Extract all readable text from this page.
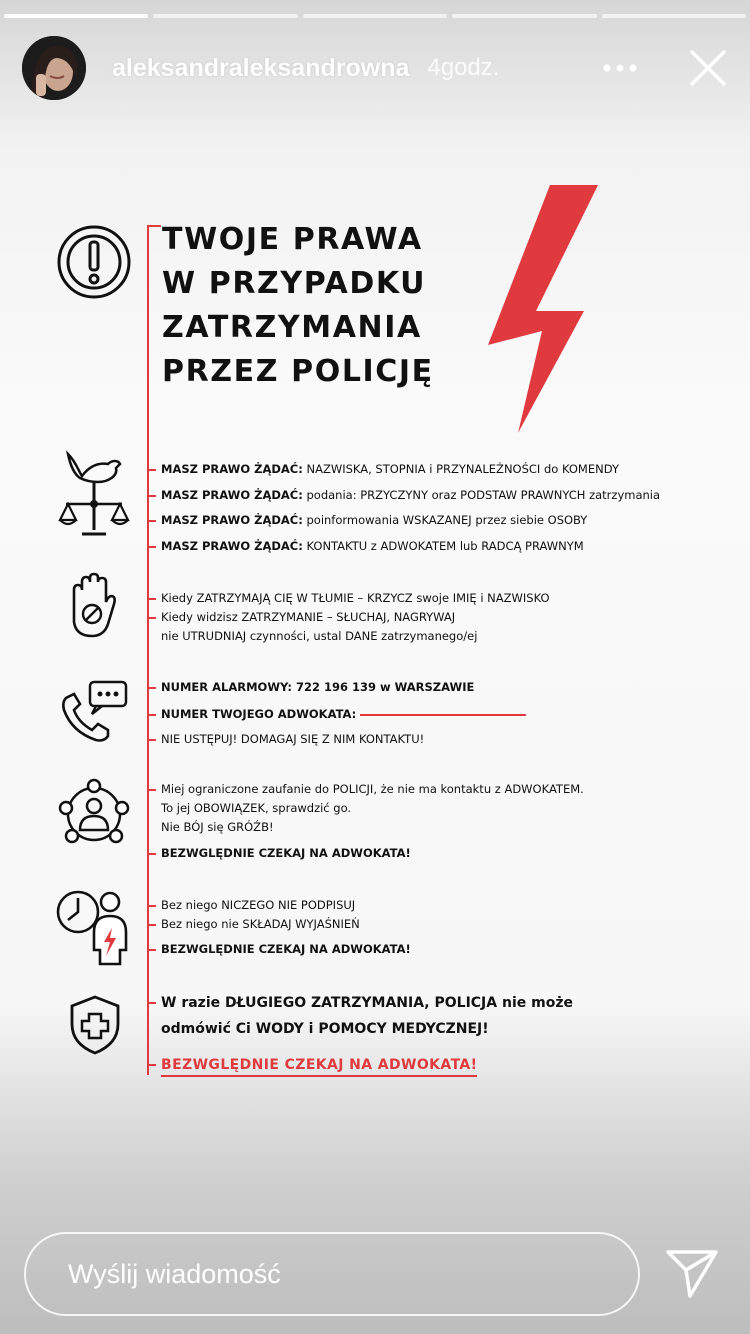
aleksandraleksandrowna 4godz.
TWOJE PRAWA
W PRZYPADKU
ZATRZYMANIA
PRZEZ POLICJĘ
MASZ PRAWO ŻĄDAĆ: NAZWISKA, STOPNIA i PRZYNALEŻNOŚCI do KOMENDY
MASZ PRAWO ŻĄDAĆ: podania: PRZYCZYNY oraz PODSTAW PRAWNYCH zatrzymania
MASZ PRAWO ŻĄDAĆ: poinformowania WSKAZANEJ przez siebie OSOBY
MASZ PRAWO ŻĄDAĆ: KONTAKTU z ADWOKATEM lub RADCĄ PRAWNYM
Kiedy ZATRZYMAJĄ CIĘ W TŁUMIE – KRZYCZ swoje IMIĘ i NAZWISKO
Kiedy widzisz ZATRZYMANIE – SŁUCHAJ, NAGRYWAJ
nie UTRUDNIAJ czynności, ustal DANE zatrzymanego/ej
NUMER ALARMOWY: 722 196 139 w WARSZAWIE
NUMER TWOJEGO ADWOKATA:
NIE USTĘPUJ! DOMAGAJ SIĘ Z NIM KONTAKTU!
Miej ograniczone zaufanie do POLICJI, że nie ma kontaktu z ADWOKATEM.
To jej OBOWIĄZEK, sprawdzić go.
Nie BÓJ się GRÓŹB!
BEZWGLĘDNIE CZEKAJ NA ADWOKATA!
Bez niego NICZEGO NIE PODPISUJ
Bez niego nie SKŁADAJ WYJAŚNIEŃ
BEZWGLĘDNIE CZEKAJ NA ADWOKATA!
W razie DŁUGIEGO ZATRZYMANIA, POLICJA nie może
odmówić Ci WODY i POMOCY MEDYCZNEJ!
BEZWGLĘDNIE CZEKAJ NA ADWOKATA!
Wyślij wiadomość
